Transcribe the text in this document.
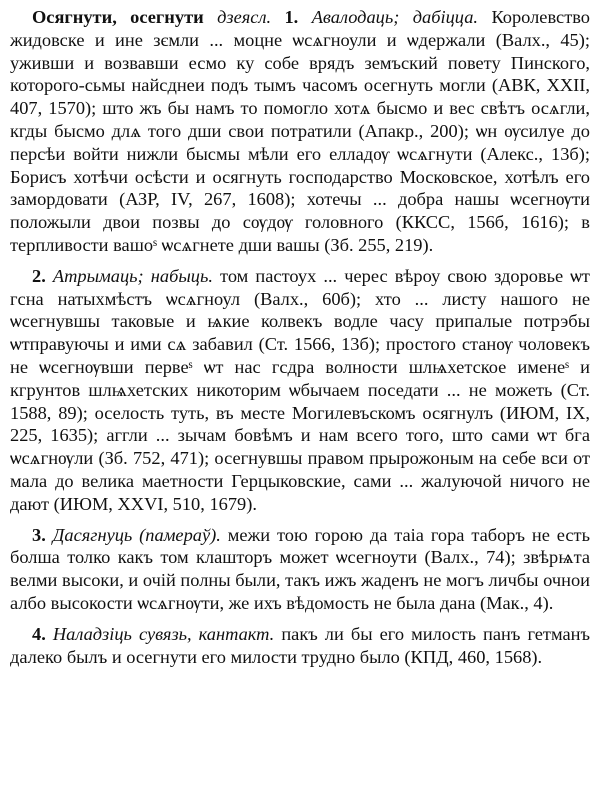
Осягнути, осегнути дзеясл. 1. Авалодаць; дабіцца. Королевство жидовске и ине зємли ... моцне ѡсѧгноули и ѡдержали (Валх., 45); уживши и возвавши есмо ку собе врядъ земъский повету Пинского, которого-сьмы найсднеи подъ тымъ часомъ осегнуть могли (АВК, XXII, 407, 1570); што жъ бы намъ то помогло хотѧ бысмо и вес свѣтъ осѧгли, кгды бысмо длѧ того дши свои потратили (Апакр., 200); ѡн ѹсилуе до персѣи войти нижли бысмы мѣли его елладѹ ѡсѧгнути (Алекс., 13б); Борисъ хотѣчи осѣсти и осягнуть господарство Московское, хотѣлъ его замордовати (АЗР, IV, 267, 1608); хотечы ... добра нашы ѡсегнѹти положыли двои позвы до сѹдѹ головного (ККСС, 156б, 1616); в терпливости вашоˢ ѡсѧгнете дши вашы (Зб. 255, 219).

2. Атрымаць; набыць. том пастоух ... черес вѣроу свою здоровье ѡт гсна натыхмѣстъ ѡсѧгноул (Валх., 60б); хто ... листу нашого не ѡсегнувшы таковые и ѩкие колвекъ водле часу припалые потрэбы ѡтправуючы и ими сѧ забавил (Ст. 1566, 13б); простого станѹ чоловекъ не ѡсегнѹвши первеˢ ѡт нас гсдра волности шлѩхетское именеˢ и кгрунтов шлѩхетских никоторим ѡбычаем поседати ... не можеть (Ст. 1588, 89); оселость туть, въ месте Могилевъскомъ осягнулъ (ИЮМ, IX, 225, 1635); аггли ... зычам бовѣмъ и нам всего того, што сами ѡт бга ѡсѧгнѹли (Зб. 752, 471); осегнувшы правом прырожоным на себе вси от мала до велика маетности Герцыковские, сами ... жалуючой ничого не дают (ИЮМ, XXVI, 510, 1679).

3. Дасягнуць (памераў). межи тою горою да таіа гора таборъ не есть болша толко какъ том клашторъ может ѡсегноути (Валх., 74); звѣрѩта велми высоки, и очій полны были, такъ ижъ жаденъ не могъ личбы очнои албо высокости ѡсѧгнѹти, же ихъ вѣдомость не была дана (Мак., 4).

4. Наладзіць сувязь, кантакт. пакъ ли бы его милость панъ гетманъ далеко былъ и осегнути его милости трудно было (КПД, 460, 1568).
